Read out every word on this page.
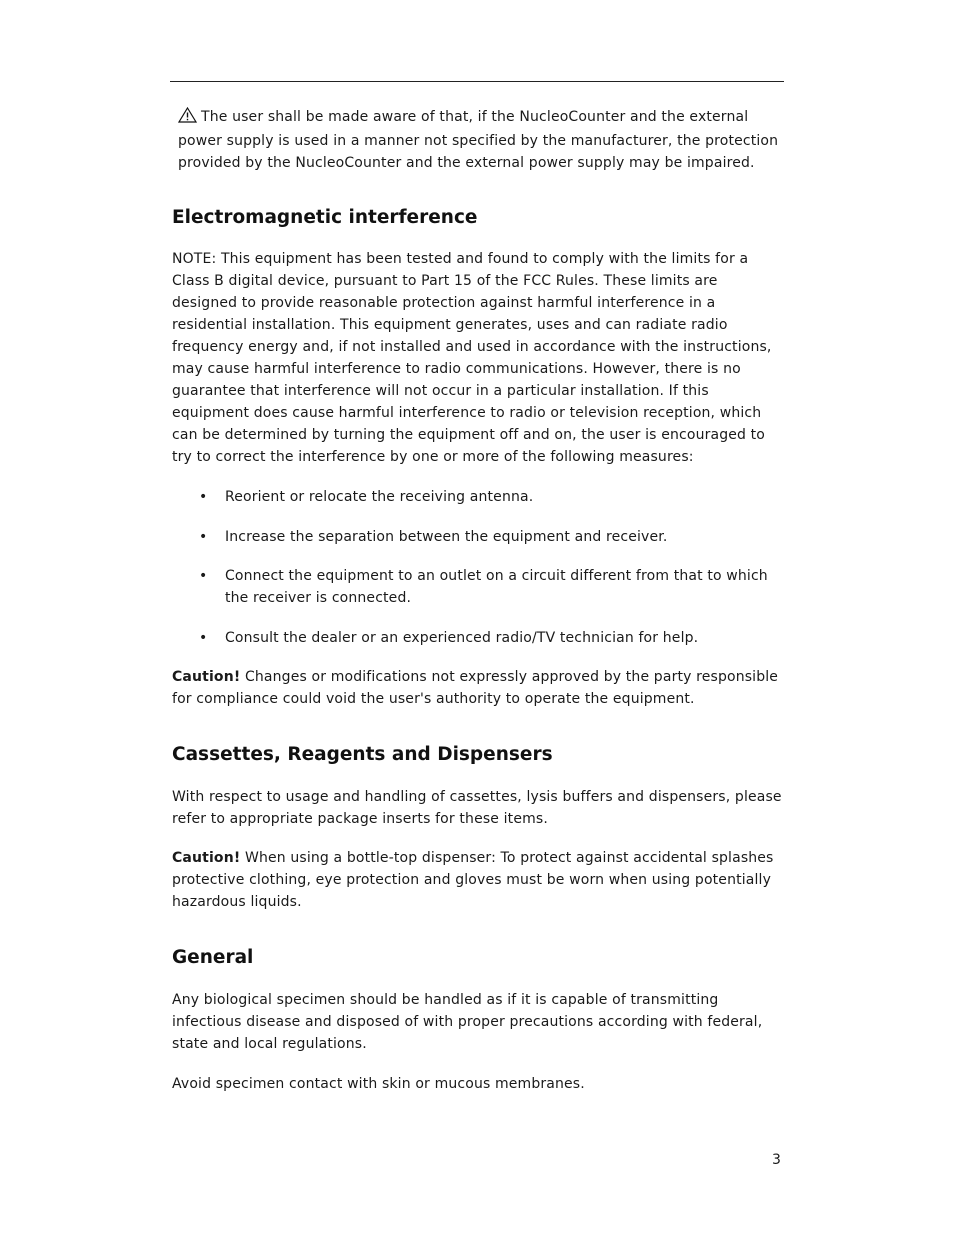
The user shall be made aware of that, if the NucleoCounter and the external power supply is used in a manner not specified by the manufacturer, the protection provided by the NucleoCounter and the external power supply may be impaired.

Electromagnetic interference

NOTE: This equipment has been tested and found to comply with the limits for a Class B digital device, pursuant to Part 15 of the FCC Rules. These limits are designed to provide reasonable protection against harmful interference in a residential installation. This equipment generates, uses and can radiate radio frequency energy and, if not installed and used in accordance with the instructions, may cause harmful interference to radio communications. However, there is no guarantee that interference will not occur in a particular installation. If this equipment does cause harmful interference to radio or television reception, which can be determined by turning the equipment off and on, the user is encouraged to try to correct the interference by one or more of the following measures:

• Reorient or relocate the receiving antenna.
• Increase the separation between the equipment and receiver.
• Connect the equipment to an outlet on a circuit different from that to which the receiver is connected.
• Consult the dealer or an experienced radio/TV technician for help.

Caution! Changes or modifications not expressly approved by the party responsible for compliance could void the user's authority to operate the equipment.

Cassettes, Reagents and Dispensers

With respect to usage and handling of cassettes, lysis buffers and dispensers, please refer to appropriate package inserts for these items.

Caution! When using a bottle-top dispenser: To protect against accidental splashes protective clothing, eye protection and gloves must be worn when using potentially hazardous liquids.

General

Any biological specimen should be handled as if it is capable of transmitting infectious disease and disposed of with proper precautions according with federal, state and local regulations.

Avoid specimen contact with skin or mucous membranes.

3
